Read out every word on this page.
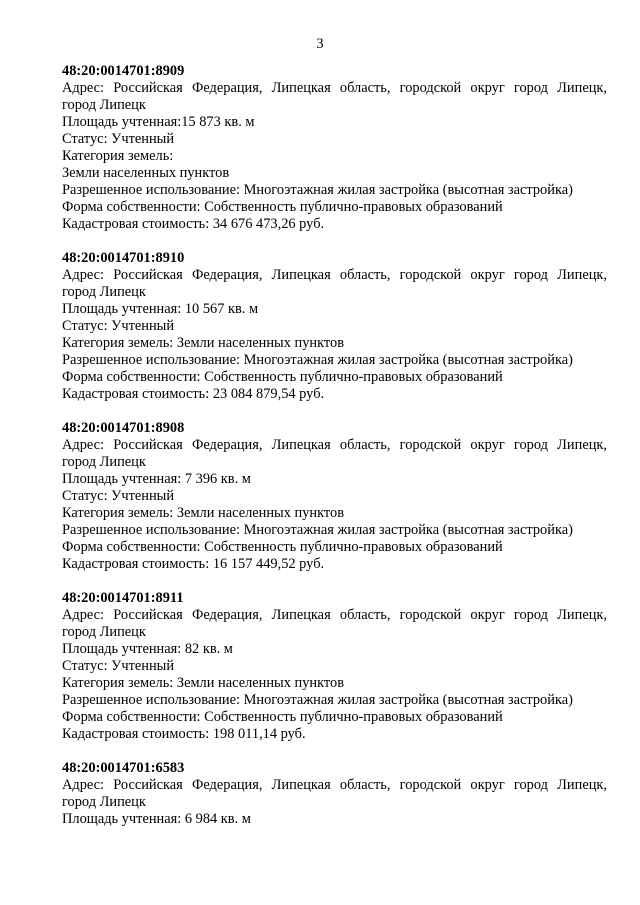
3
48:20:0014701:8909
Адрес: Российская Федерация, Липецкая область, городской округ город Липецк,
город Липецк
Площадь учтенная:15 873 кв. м
Статус: Учтенный
Категория земель:
Земли населенных пунктов
Разрешенное использование: Многоэтажная жилая застройка (высотная застройка)
Форма собственности: Собственность публично-правовых образований
Кадастровая стоимость: 34 676 473,26 руб.
48:20:0014701:8910
Адрес: Российская Федерация, Липецкая область, городской округ город Липецк,
город Липецк
Площадь учтенная: 10 567 кв. м
Статус: Учтенный
Категория земель: Земли населенных пунктов
Разрешенное использование: Многоэтажная жилая застройка (высотная застройка)
Форма собственности: Собственность публично-правовых образований
Кадастровая стоимость: 23 084 879,54 руб.
48:20:0014701:8908
Адрес: Российская Федерация, Липецкая область, городской округ город Липецк,
город Липецк
Площадь учтенная: 7 396 кв. м
Статус: Учтенный
Категория земель: Земли населенных пунктов
Разрешенное использование: Многоэтажная жилая застройка (высотная застройка)
Форма собственности: Собственность публично-правовых образований
Кадастровая стоимость: 16 157 449,52 руб.
48:20:0014701:8911
Адрес: Российская Федерация, Липецкая область, городской округ город Липецк,
город Липецк
Площадь учтенная: 82 кв. м
Статус: Учтенный
Категория земель: Земли населенных пунктов
Разрешенное использование: Многоэтажная жилая застройка (высотная застройка)
Форма собственности: Собственность публично-правовых образований
Кадастровая стоимость: 198 011,14 руб.
48:20:0014701:6583
Адрес: Российская Федерация, Липецкая область, городской округ город Липецк,
город Липецк
Площадь учтенная: 6 984 кв. м
